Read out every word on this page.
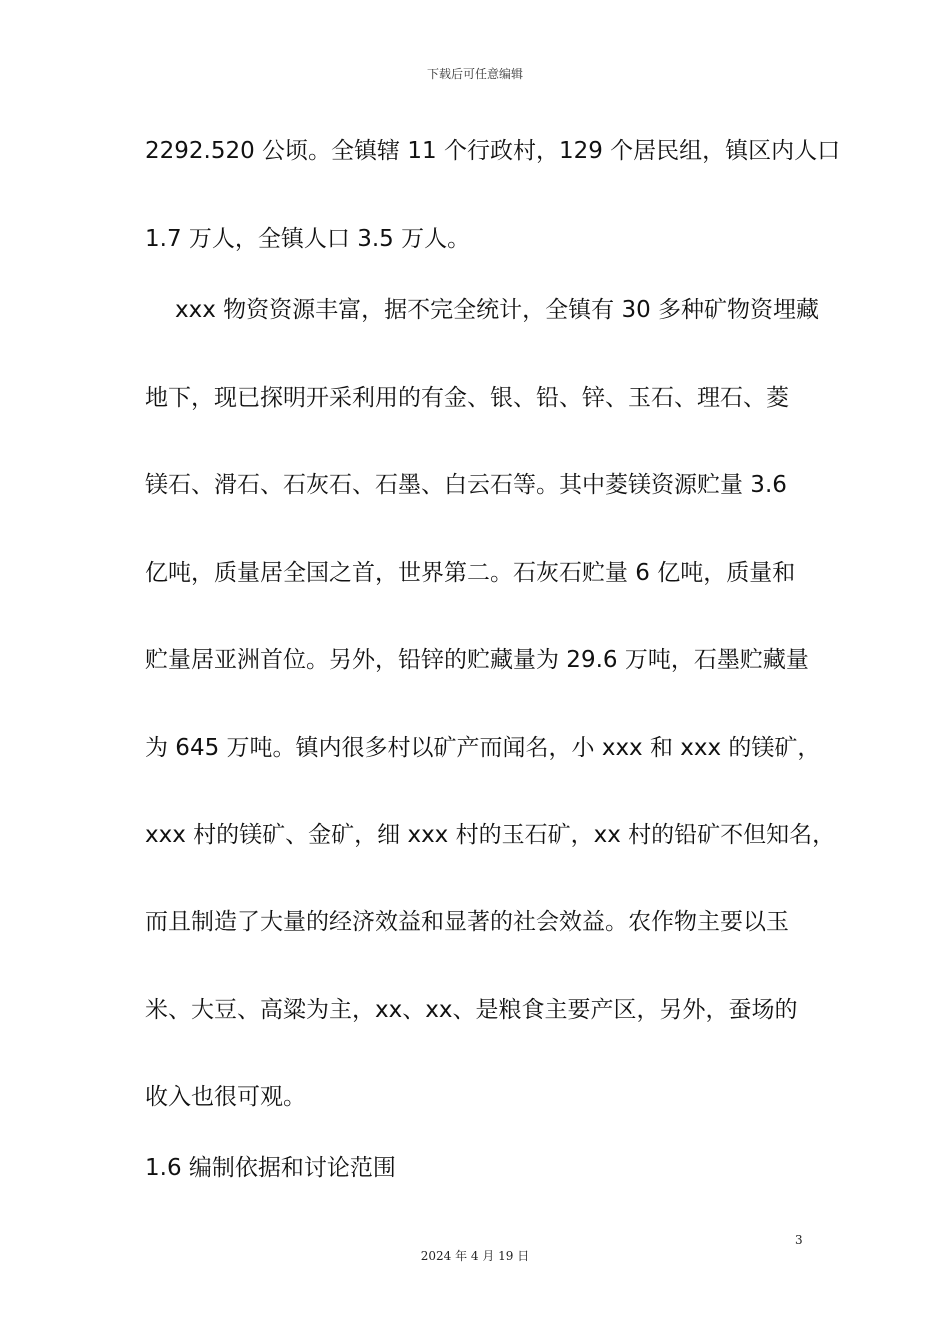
下载后可任意编辑
2292.520 公顷。全镇辖 11 个行政村，129 个居民组，镇区内人口
1.7 万人，全镇人口 3.5 万人。
xxx 物资资源丰富，据不完全统计，全镇有 30 多种矿物资埋藏
地下，现已探明开采利用的有金、银、铅、锌、玉石、理石、菱
镁石、滑石、石灰石、石墨、白云石等。其中菱镁资源贮量 3.6
亿吨，质量居全国之首，世界第二。石灰石贮量 6 亿吨，质量和
贮量居亚洲首位。另外，铅锌的贮藏量为 29.6 万吨，石墨贮藏量
为 645 万吨。镇内很多村以矿产而闻名，小 xxx 和 xxx 的镁矿，
xxx 村的镁矿、金矿，细 xxx 村的玉石矿，xx 村的铅矿不但知名，
而且制造了大量的经济效益和显著的社会效益。农作物主要以玉
米、大豆、高粱为主，xx、xx、是粮食主要产区，另外，蚕场的
收入也很可观。
1.6 编制依据和讨论范围
3
2024 年 4 月 19 日
